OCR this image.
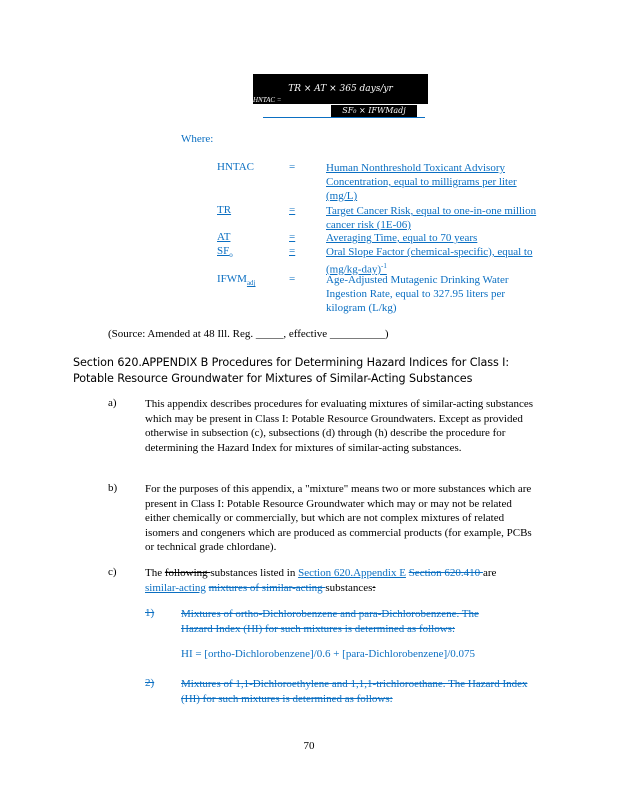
TR × AT × 365 days/yr
HNTAC =
SF₀ × IFWMadj
Where:
HNTAC	=	Human Nonthreshold Toxicant Advisory Concentration, equal to milligrams per liter (mg/L)
TR	=	Target Cancer Risk, equal to one-in-one million cancer risk (1E-06)
AT	=	Averaging Time, equal to 70 years
$SF_o$	=	Oral Slope Factor (chemical-specific), equal to $(mg/kg-day)^{-1}$
$IFWM_{adj}$	=	Age-Adjusted Mutagenic Drinking Water Ingestion Rate, equal to 327.95 liters per kilogram (L/kg)
(Source: Amended at 48 Ill. Reg. _____, effective __________)
Section 620.APPENDIX B Procedures for Determining Hazard Indices for Class I:
Potable Resource Groundwater for Mixtures of Similar-Acting Substances
a)	This appendix describes procedures for evaluating mixtures of similar-acting substances which may be present in Class I: Potable Resource Groundwaters. Except as provided otherwise in subsection (c), subsections (d) through (h) describe the procedure for determining the Hazard Index for mixtures of similar-acting substances.

b)	For the purposes of this appendix, a "mixture" means two or more substances which are present in Class I: Potable Resource Groundwater which may or may not be related either chemically or commercially, but which are not complex mixtures of related isomers and congeners which are produced as commercial products (for example, PCBs or technical grade chlordane).

c)	The following substances listed in Section 620.Appendix E Section 620.410 are
similar-acting mixtures of similar-acting substances:

1) Mixtures of ortho-Dichlorobenzene and para-Dichlorobenzene. The Hazard Index (HI) for such mixtures is determined as follows:

HI = [ortho-Dichlorobenzene]/0.6 + [para-Dichlorobenzene]/0.075
2) Mixtures of 1,1-Dichloroethylene and 1,1,1-trichloroethane. The Hazard Index (HI) for such mixtures is determined as follows:

70
